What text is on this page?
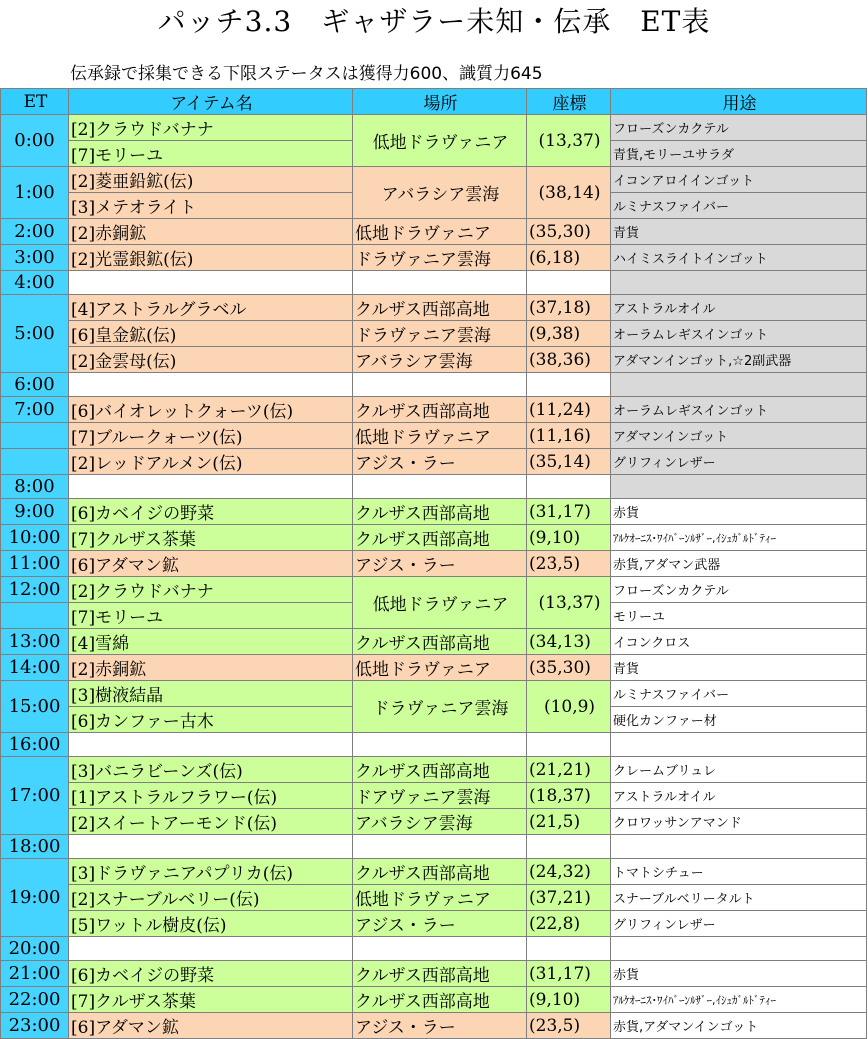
パッチ3.3　ギャザラー未知・伝承　ET表
伝承録で採集できる下限ステータスは獲得力600、識質力645
ET	アイテム名	場所	座標	用途
0:00	[2]クラウドバナナ	低地ドラヴァニア	(13,37)	フローズンカクテル
	[7]モリーユ			青貨,モリーユサラダ
1:00	[2]菱亜鉛鉱(伝)	アバラシア雲海	(38,14)	イコンアロイインゴット
	[3]メテオライト			ルミナスファイバー
2:00	[2]赤銅鉱	低地ドラヴァニア	(35,30)	青貨
3:00	[2]光霊銀鉱(伝)	ドラヴァニア雲海	(6,18)	ハイミスライトインゴット
4:00				
5:00	[4]アストラルグラベル	クルザス西部高地	(37,18)	アストラルオイル
	[6]皇金鉱(伝)	ドラヴァニア雲海	(9,38)	オーラムレギスインゴット
	[2]金雲母(伝)	アバラシア雲海	(38,36)	アダマンインゴット,☆2副武器
6:00				
7:00	[6]バイオレットクォーツ(伝)	クルザス西部高地	(11,24)	オーラムレギスインゴット
	[7]ブルークォーツ(伝)	低地ドラヴァニア	(11,16)	アダマンインゴット
	[2]レッドアルメン(伝)	アジス・ラー	(35,14)	グリフィンレザー
8:00				
9:00	[6]カベイジの野菜	クルザス西部高地	(31,17)	赤貨
10:00	[7]クルザス茶葉	クルザス西部高地	(9,10)	ｱﾙｹｵｰﾆｽ･ﾜｲﾊﾞｰﾝﾙｻﾞｰ,ｲｼｭｶﾞﾙﾄﾞﾃｨｰ
11:00	[6]アダマン鉱	アジス・ラー	(23,5)	赤貨,アダマン武器
12:00	[2]クラウドバナナ	低地ドラヴァニア	(13,37)	フローズンカクテル
	[7]モリーユ			モリーユ
13:00	[4]雪綿	クルザス西部高地	(34,13)	イコンクロス
14:00	[2]赤銅鉱	低地ドラヴァニア	(35,30)	青貨
15:00	[3]樹液結晶	ドラヴァニア雲海	(10,9)	ルミナスファイバー
	[6]カンファー古木			硬化カンファー材
16:00				
17:00	[3]バニラビーンズ(伝)	クルザス西部高地	(21,21)	クレームブリュレ
	[1]アストラルフラワー(伝)	ドアヴァニア雲海	(18,37)	アストラルオイル
	[2]スイートアーモンド(伝)	アバラシア雲海	(21,5)	クロワッサンアマンド
18:00				
19:00	[3]ドラヴァニアパプリカ(伝)	クルザス西部高地	(24,32)	トマトシチュー
	[2]スナーブルベリー(伝)	低地ドラヴァニア	(37,21)	スナーブルベリータルト
	[5]ワットル樹皮(伝)	アジス・ラー	(22,8)	グリフィンレザー
20:00				
21:00	[6]カベイジの野菜	クルザス西部高地	(31,17)	赤貨
22:00	[7]クルザス茶葉	クルザス西部高地	(9,10)	ｱﾙｹｵｰﾆｽ･ﾜｲﾊﾞｰﾝﾙｻﾞｰ,ｲｼｭｶﾞﾙﾄﾞﾃｨｰ
23:00	[6]アダマン鉱	アジス・ラー	(23,5)	赤貨,アダマンインゴット
